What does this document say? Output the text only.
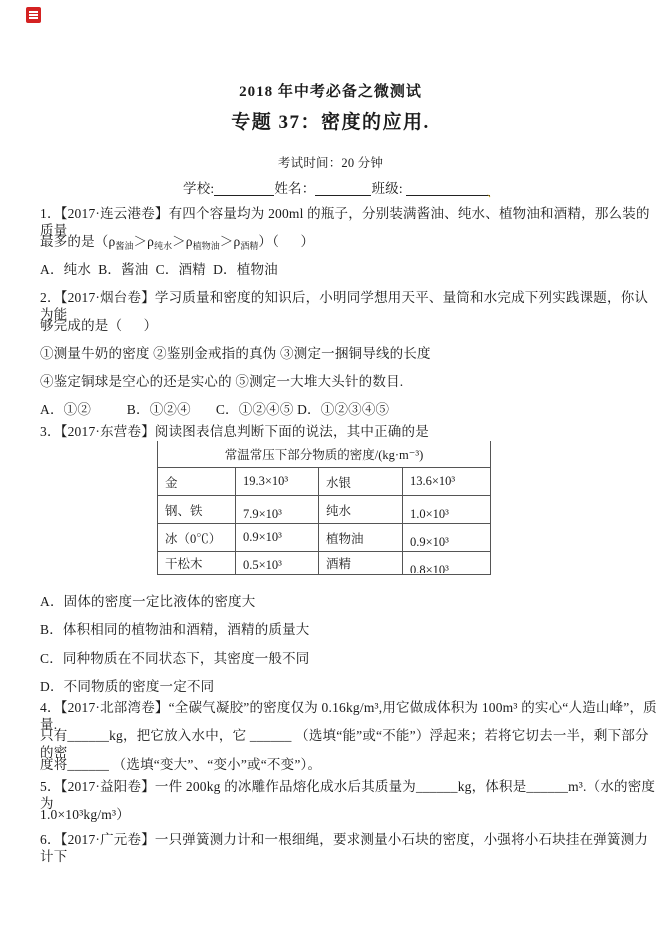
2018 年中考必备之微测试

专题 37：密度的应用.

考试时间：20 分钟

学校:	姓名：	班级:	、

1．【2017·连云港卷】有四个容量均为 200ml 的瓶子，分别装满酱油、纯水、植物油和酒精，那么装的质量

最多的是$(\rho_{酱油}>\rho_{纯水}>\rho_{植物油}>\rho_{酒精})$（      ）

A．纯水  B．酱油  C．酒精  D．植物油

2．【2017·烟台卷】学习质量和密度的知识后，小明同学想用天平、量筒和水完成下列实践课题，你认为能

够完成的是（      ）

①测量牛奶的密度 ②鉴别金戒指的真伪 ③测定一捆铜导线的长度

④鉴定铜球是空心的还是实心的 ⑤测定一大堆大头针的数目.

A．①②          B．①②④       C．①②④⑤ D．①②③④⑤

3．【2017·东营卷】阅读图表信息判断下面的说法，其中正确的是

常温常压下部分物质的密度/(kg·m⁻³)			
金	19.3×10³	水银	13.6×10³
钢、铁	7.9×10³	纯水	1.0×10³
冰（0℃）	0.9×10³	植物油	0.9×10³
干松木	0.5×10³	酒精	0.8×10³

A．固体的密度一定比液体的密度大

B．体积相同的植物油和酒精，酒精的质量大

C．同种物质在不同状态下，其密度一般不同

D．不同物质的密度一定不同

4．【2017·北部湾卷】“全碳气凝胶”的密度仅为 0.16kg/m³,用它做成体积为 100m³ 的实心“人造山峰”，质量.

只有______kg，把它放入水中，它 ______ （选填“能”或“不能”）浮起来；若将它切去一半，剩下部分的密

度将______ （选填“变大”、“变小”或“不变”）。

5．【2017·益阳卷】一件 200kg 的冰雕作品熔化成水后其质量为______kg，体积是______m³.（水的密度为

1.0×10³kg/m³）

6．【2017·广元卷】一只弹簧测力计和一根细绳，要求测量小石块的密度，小强将小石块挂在弹簧测力计下
